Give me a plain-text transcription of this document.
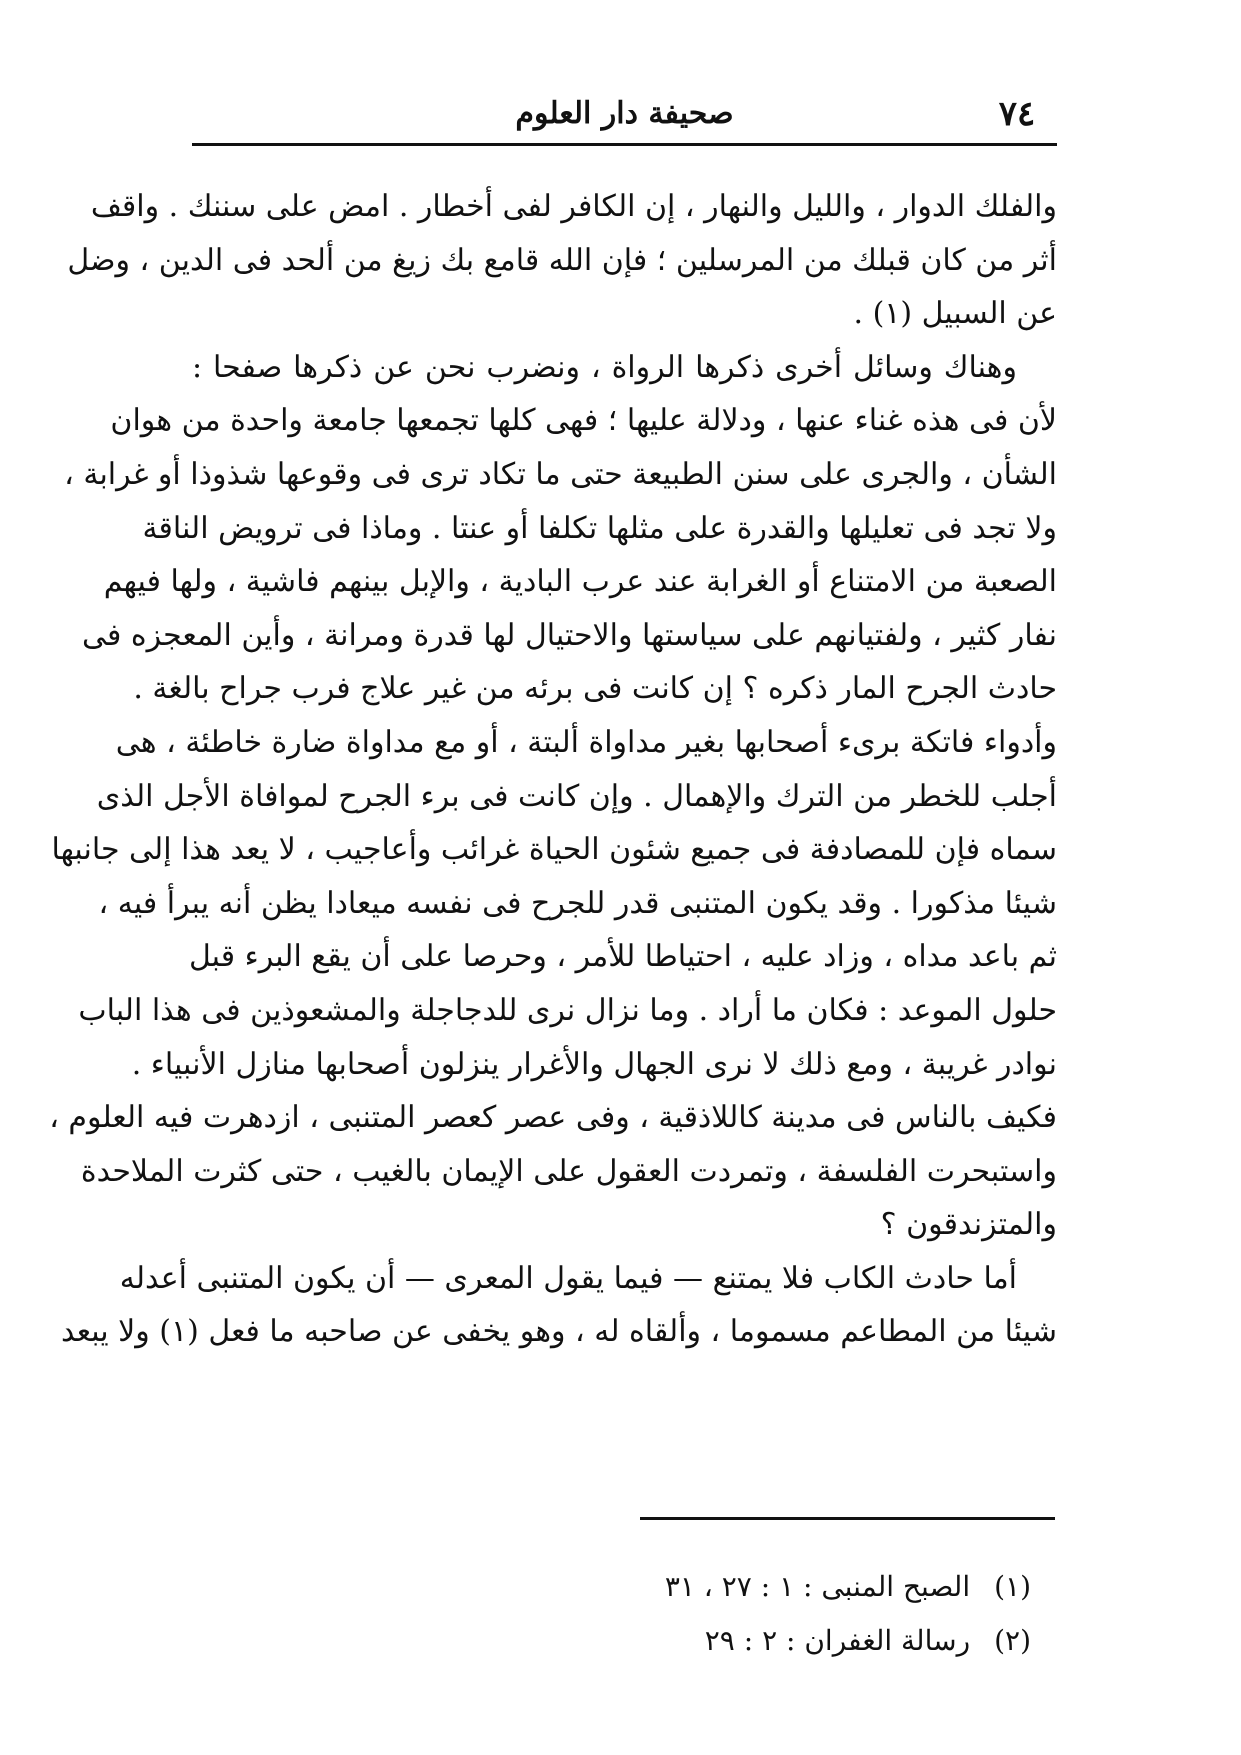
٧٤
صحيفة دار العلوم
والفلك الدوار ، والليل والنهار ، إن الكافر لفى أخطار . امض على سننك . واقف
أثر من كان قبلك من المرسلين ؛ فإن الله قامع بك زيغ من ألحد فى الدين ، وضل
عن السبيل (١) .
وهناك وسائل أخرى ذكرها الرواة ، ونضرب نحن عن ذكرها صفحا :
لأن فى هذه غناء عنها ، ودلالة عليها ؛ فهى كلها تجمعها جامعة واحدة من هوان
الشأن ، والجرى على سنن الطبيعة حتى ما تكاد ترى فى وقوعها شذوذا أو غرابة ،
ولا تجد فى تعليلها والقدرة على مثلها تكلفا أو عنتا . وماذا فى ترويض الناقة
الصعبة من الامتناع أو الغرابة عند عرب البادية ، والإبل بينهم فاشية ، ولها فيهم
نفار كثير ، ولفتيانهم على سياستها والاحتيال لها قدرة ومرانة ، وأين المعجزه فى
حادث الجرح المار ذكره ؟ إن كانت فى برئه من غير علاج فرب جراح بالغة .
وأدواء فاتكة برىء أصحابها بغير مداواة ألبتة ، أو مع مداواة ضارة خاطئة ، هى
أجلب للخطر من الترك والإهمال . وإن كانت فى برء الجرح لموافاة الأجل الذى
سماه فإن للمصادفة فى جميع شئون الحياة غرائب وأعاجيب ، لا يعد هذا إلى جانبها
شيئا مذكورا . وقد يكون المتنبى قدر للجرح فى نفسه ميعادا يظن أنه يبرأ فيه ،
ثم باعد مداه ، وزاد عليه ، احتياطا للأمر ، وحرصا على أن يقع البرء قبل
حلول الموعد : فكان ما أراد . وما نزال نرى للدجاجلة والمشعوذين فى هذا الباب
نوادر غريبة ، ومع ذلك لا نرى الجهال والأغرار ينزلون أصحابها منازل الأنبياء .
فكيف بالناس فى مدينة كاللاذقية ، وفى عصر كعصر المتنبى ، ازدهرت فيه العلوم ،
واستبحرت الفلسفة ، وتمردت العقول على الإيمان بالغيب ، حتى كثرت الملاحدة
والمتزندقون ؟
أما حادث الكاب فلا يمتنع — فيما يقول المعرى — أن يكون المتنبى أعدله
شيئا من المطاعم مسموما ، وألقاه له ، وهو يخفى عن صاحبه ما فعل (١) ولا يبعد
(١) الصبح المنبى : ١ : ٢٧ ، ٣١
(٢) رسالة الغفران : ٢ : ٢٩
